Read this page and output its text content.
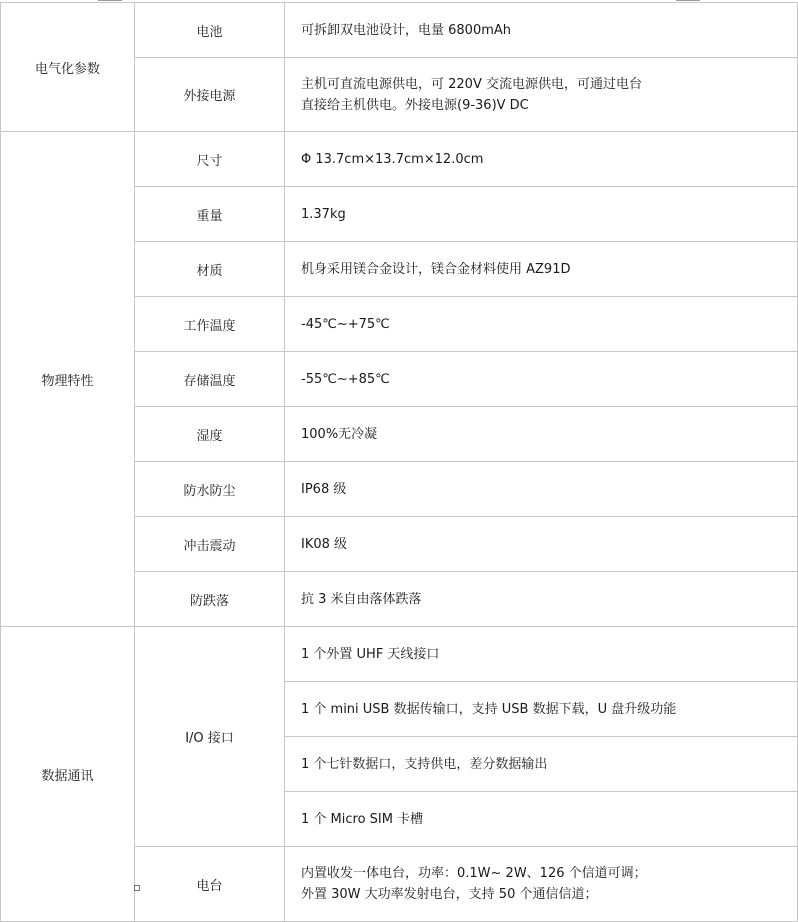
电气化参数	电池	可拆卸双电池设计，电量 6800mAh
	外接电源	主机可直流电源供电，可 220V 交流电源供电，可通过电台
直接给主机供电。外接电源(9-36)V DC

物理特性	尺寸	Φ 13.7cm×13.7cm×12.0cm
	重量	1.37kg
	材质	机身采用镁合金设计，镁合金材料使用 AZ91D
	工作温度	-45℃~+75℃
	存储温度	-55℃~+85℃
	湿度	100%无冷凝
	防水防尘	IP68 级
	冲击震动	IK08 级
	防跌落	抗 3 米自由落体跌落
数据通讯	I/O 接口	1 个外置 UHF 天线接口
		1 个 mini USB 数据传输口，支持 USB 数据下载，U 盘升级功能
		1 个七针数据口，支持供电，差分数据输出
		1 个 Micro SIM 卡槽
	电台	内置收发一体电台，功率：0.1W~ 2W、126 个信道可调；
外置 30W 大功率发射电台，支持 50 个通信信道；
